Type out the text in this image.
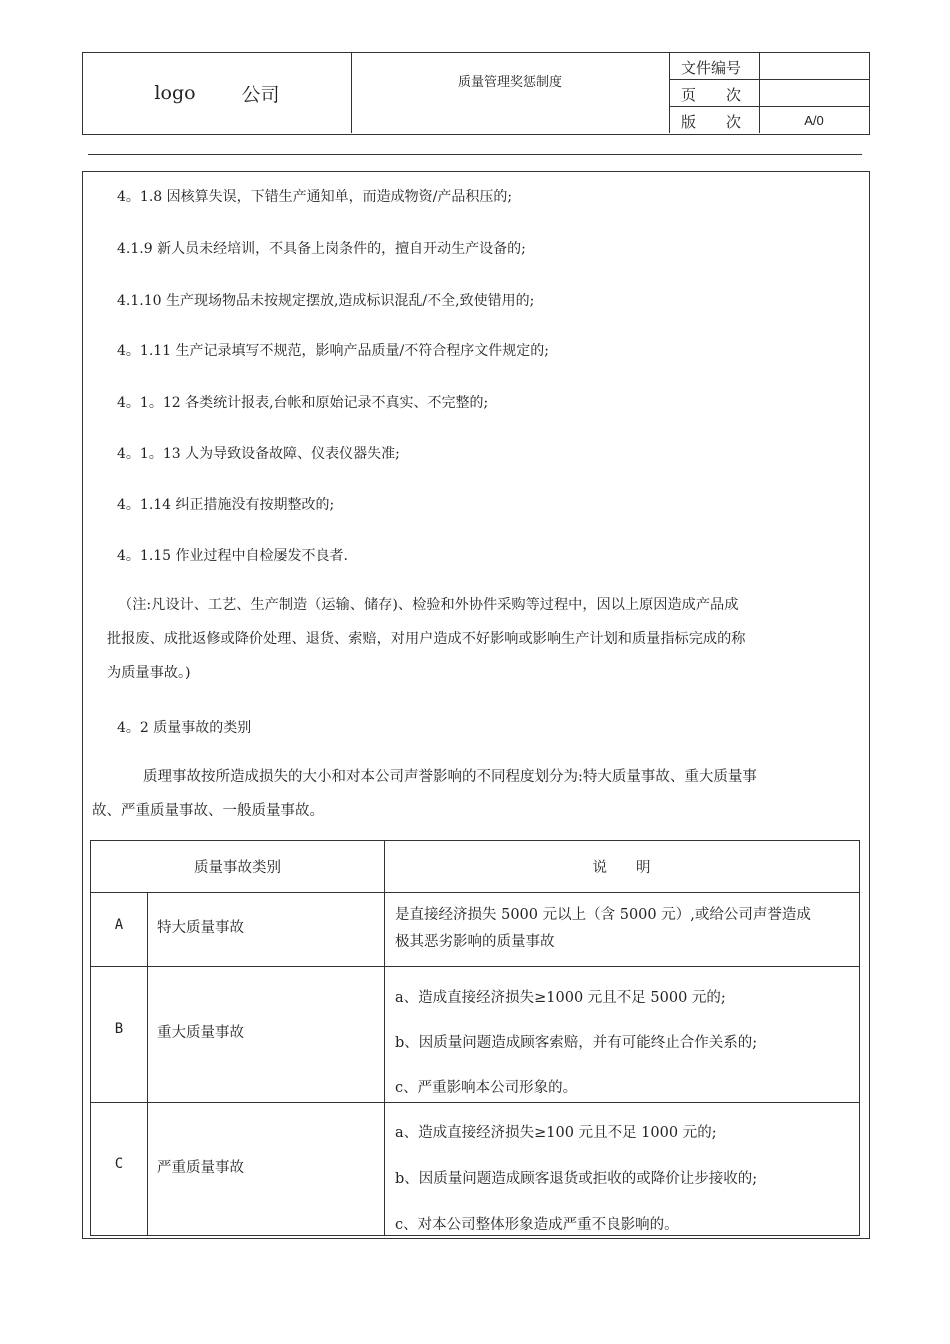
logo 公司
质量管理奖惩制度
文件编号
页　　次
版　　次	A/0
4。1.8 因核算失误，下错生产通知单，而造成物资/产品积压的;
4.1.9 新人员未经培训，不具备上岗条件的，擅自开动生产设备的;
4.1.10 生产现场物品未按规定摆放,造成标识混乱/不全,致使错用的;
4。1.11 生产记录填写不规范，影响产品质量/不符合程序文件规定的;
4。1。12 各类统计报表,台帐和原始记录不真实、不完整的;
4。1。13 人为导致设备故障、仪表仪器失准;
4。1.14 纠正措施没有按期整改的;
4。1.15 作业过程中自检屡发不良者.
（注:凡设计、工艺、生产制造（运输、储存)、检验和外协件采购等过程中，因以上原因造成产品成
批报废、成批返修或降价处理、退货、索赔，对用户造成不好影响或影响生产计划和质量指标完成的称
为质量事故。)
4。2 质量事故的类别
质理事故按所造成损失的大小和对本公司声誉影响的不同程度划分为:特大质量事故、重大质量事
故、严重质量事故、一般质量事故。
质量事故类别	说　　明
A	特大质量事故
是直接经济损失 5000 元以上（含 5000 元）,或给公司声誉造成
极其恶劣影响的质量事故
B	重大质量事故
a、造成直接经济损失≥1000 元且不足 5000 元的;
b、因质量问题造成顾客索赔，并有可能终止合作关系的;
c、严重影响本公司形象的。
C	严重质量事故
a、造成直接经济损失≥100 元且不足 1000 元的;
b、因质量问题造成顾客退货或拒收的或降价让步接收的;
c、对本公司整体形象造成严重不良影响的。
